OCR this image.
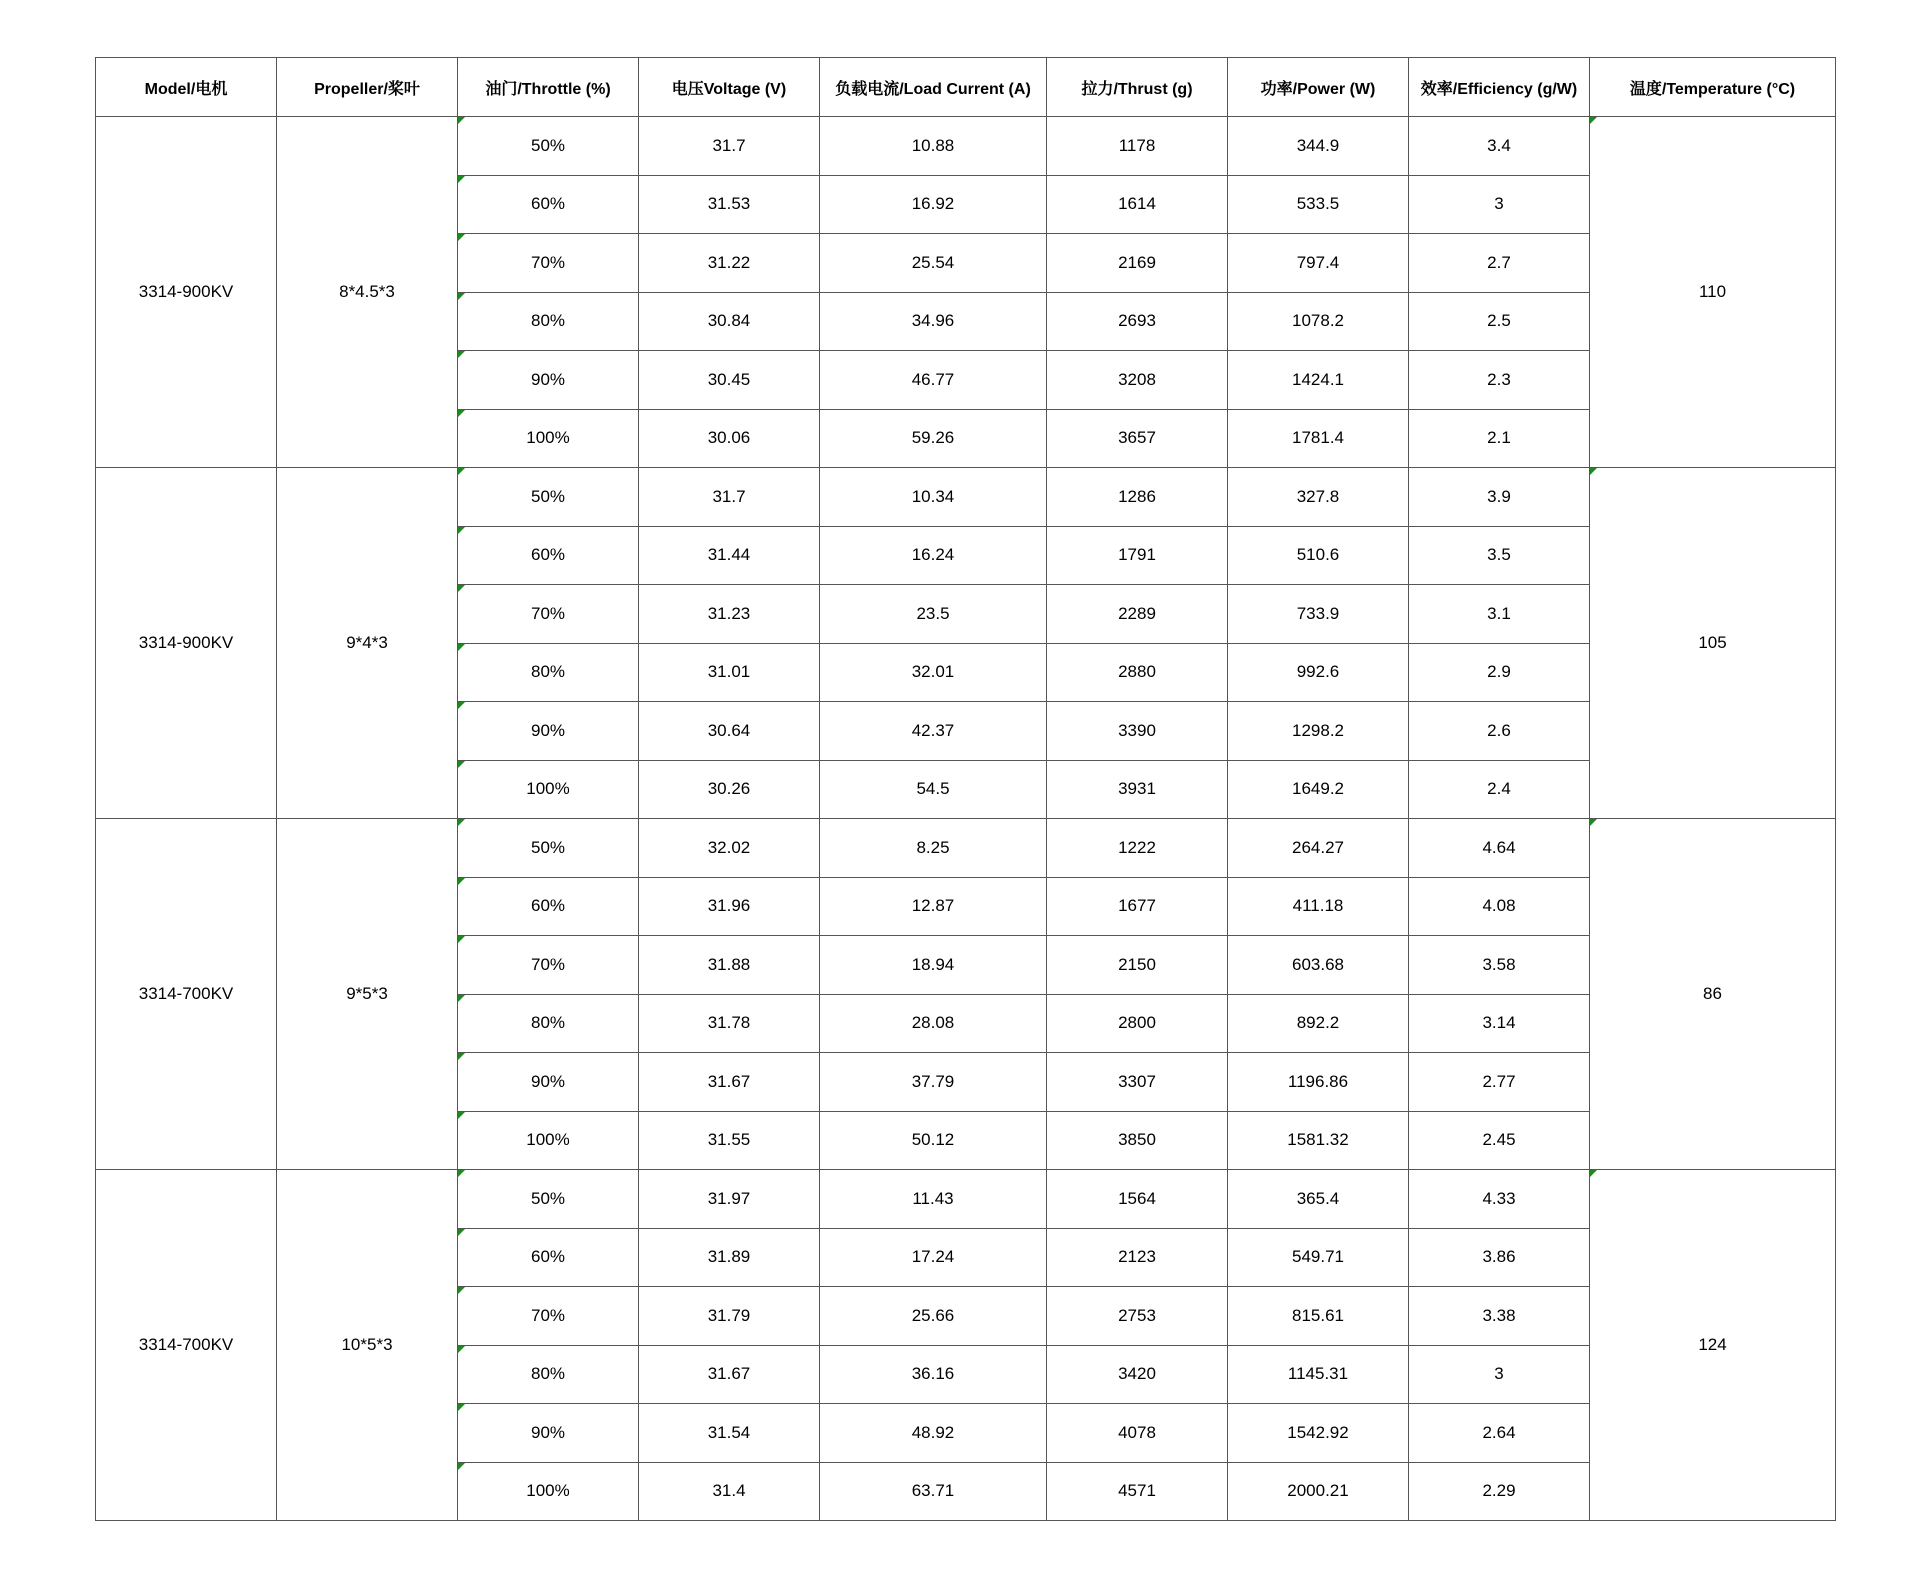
Model/电机	Propeller/桨叶	油门/Throttle (%)	电压Voltage (V)	负载电流/Load Current (A)	拉力/Thrust (g)	功率/Power (W)	效率/Efficiency (g/W)	温度/Temperature (°C)
3314-900KV	8*4.5*3	50%	31.7	10.88	1178	344.9	3.4	110
		60%	31.53	16.92	1614	533.5	3	
		70%	31.22	25.54	2169	797.4	2.7	
		80%	30.84	34.96	2693	1078.2	2.5	
		90%	30.45	46.77	3208	1424.1	2.3	
		100%	30.06	59.26	3657	1781.4	2.1	
3314-900KV	9*4*3	50%	31.7	10.34	1286	327.8	3.9	105
		60%	31.44	16.24	1791	510.6	3.5	
		70%	31.23	23.5	2289	733.9	3.1	
		80%	31.01	32.01	2880	992.6	2.9	
		90%	30.64	42.37	3390	1298.2	2.6	
		100%	30.26	54.5	3931	1649.2	2.4	
3314-700KV	9*5*3	50%	32.02	8.25	1222	264.27	4.64	86
		60%	31.96	12.87	1677	411.18	4.08	
		70%	31.88	18.94	2150	603.68	3.58	
		80%	31.78	28.08	2800	892.2	3.14	
		90%	31.67	37.79	3307	1196.86	2.77	
		100%	31.55	50.12	3850	1581.32	2.45	
3314-700KV	10*5*3	50%	31.97	11.43	1564	365.4	4.33	124
		60%	31.89	17.24	2123	549.71	3.86	
		70%	31.79	25.66	2753	815.61	3.38	
		80%	31.67	36.16	3420	1145.31	3	
		90%	31.54	48.92	4078	1542.92	2.64	
		100%	31.4	63.71	4571	2000.21	2.29	
